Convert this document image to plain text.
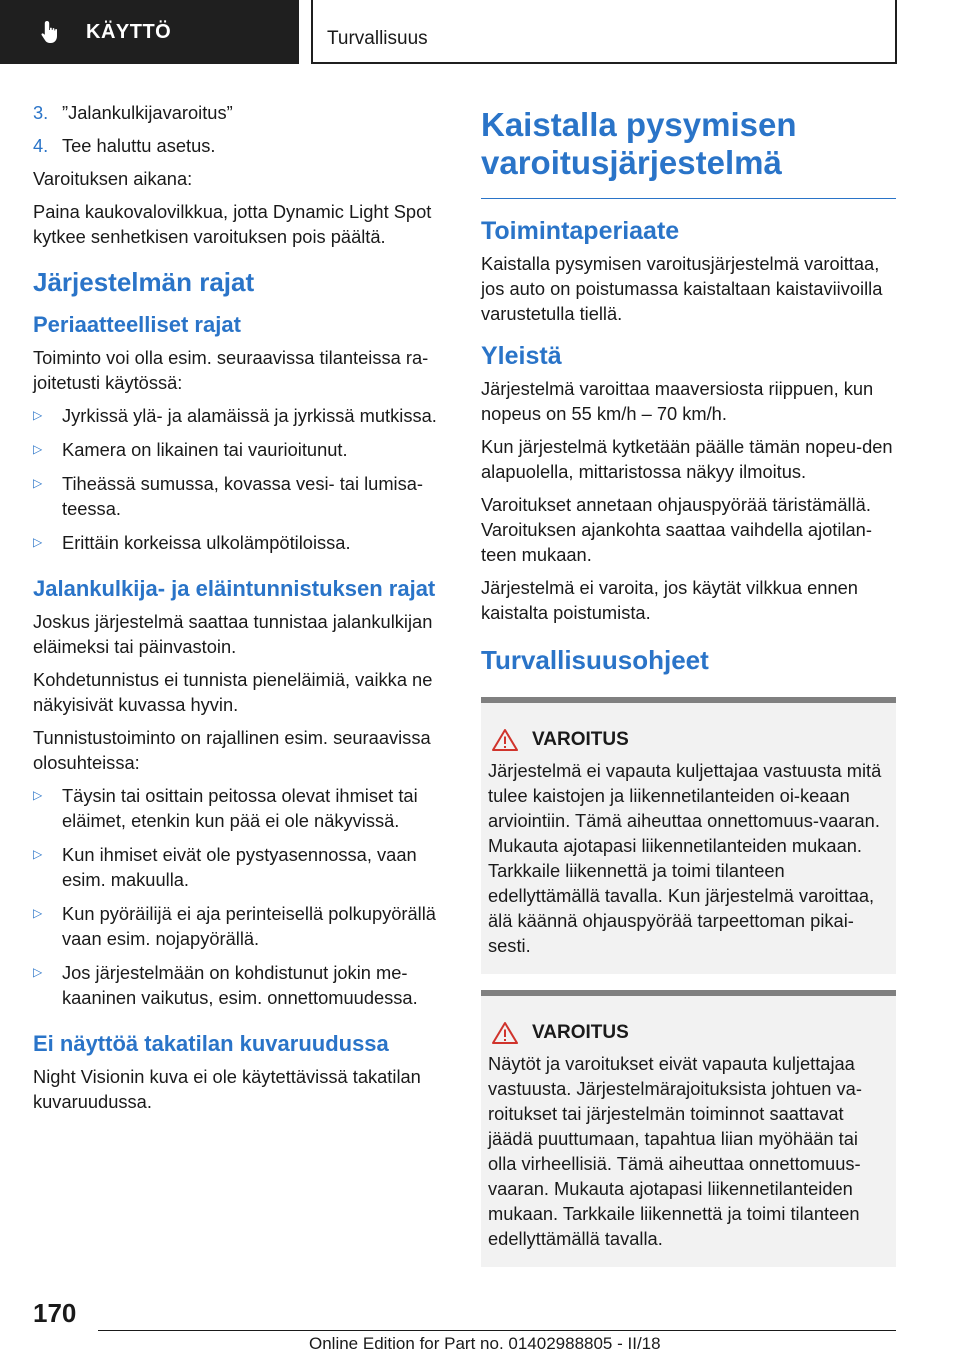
KÄYTTÖ	Turvallisuus
3. ”Jalankulkijavaroitus”
4. Tee haluttu asetus.

Varoituksen aikana:

Paina kaukovalovilkkua, jotta Dynamic Light Spot kytkee senhetkisen varoituksen pois päältä.

Järjestelmän rajat
Periaatteelliset rajat

Toiminto voi olla esim. seuraavissa tilanteissa ra-joitetusti käytössä:

▷	Jyrkissä ylä- ja alamäissä ja jyrkissä mutkissa.
▷	Kamera on likainen tai vaurioitunut.
▷	Tiheässä sumussa, kovassa vesi- tai lumisa-teessa.
▷	Erittäin korkeissa ulkolämpötiloissa.
Jalankulkija- ja eläintunnistuksen rajat

Joskus järjestelmä saattaa tunnistaa jalankulkijan eläimeksi tai päinvastoin.

Kohdetunnistus ei tunnista pieneläimiä, vaikka ne näkyisivät kuvassa hyvin.

Tunnistustoiminto on rajallinen esim. seuraavissa olosuhteissa:

▷	Täysin tai osittain peitossa olevat ihmiset tai eläimet, etenkin kun pää ei ole näkyvissä.
▷	Kun ihmiset eivät ole pystyasennossa, vaan esim. makuulla.
▷	Kun pyöräilijä ei aja perinteisellä polkupyörällä vaan esim. nojapyörällä.
▷	Jos järjestelmään on kohdistunut jokin me-kaaninen vaikutus, esim. onnettomuudessa.
Ei näyttöä takatilan kuvaruudussa

Night Visionin kuva ei ole käytettävissä takatilan kuvaruudussa.

Kaistalla pysymisen varoitusjärjestelmä
Toimintaperiaate

Kaistalla pysymisen varoitusjärjestelmä varoittaa, jos auto on poistumassa kaistaltaan kaistaviivoilla varustetulla tiellä.

Yleistä

Järjestelmä varoittaa maaversiosta riippuen, kun nopeus on 55 km/h – 70 km/h.

Kun järjestelmä kytketään päälle tämän nopeu-den alapuolella, mittaristossa näkyy ilmoitus.

Varoitukset annetaan ohjauspyörää täristämällä. Varoituksen ajankohta saattaa vaihdella ajotilan-teen mukaan.

Järjestelmä ei varoita, jos käytät vilkkua ennen kaistalta poistumista.

Turvallisuusohjeet
VAROITUS

Järjestelmä ei vapauta kuljettajaa vastuusta mitä tulee kaistojen ja liikennetilanteiden oi-keaan arviointiin. Tämä aiheuttaa onnettomuus-vaaran. Mukauta ajotapasi liikennetilanteiden mukaan. Tarkkaile liikennettä ja toimi tilanteen edellyttämällä tavalla. Kun järjestelmä varoittaa, älä käännä ohjauspyörää tarpeettoman pikai-sesti.

VAROITUS

Näytöt ja varoitukset eivät vapauta kuljettajaa vastuusta. Järjestelmärajoituksista johtuen va-roitukset tai järjestelmän toiminnot saattavat jäädä puuttumaan, tapahtua liian myöhään tai olla virheellisiä. Tämä aiheuttaa onnettomuus-vaaran. Mukauta ajotapasi liikennetilanteiden mukaan. Tarkkaile liikennettä ja toimi tilanteen edellyttämällä tavalla.

170
Online Edition for Part no. 01402988805 - II/18
